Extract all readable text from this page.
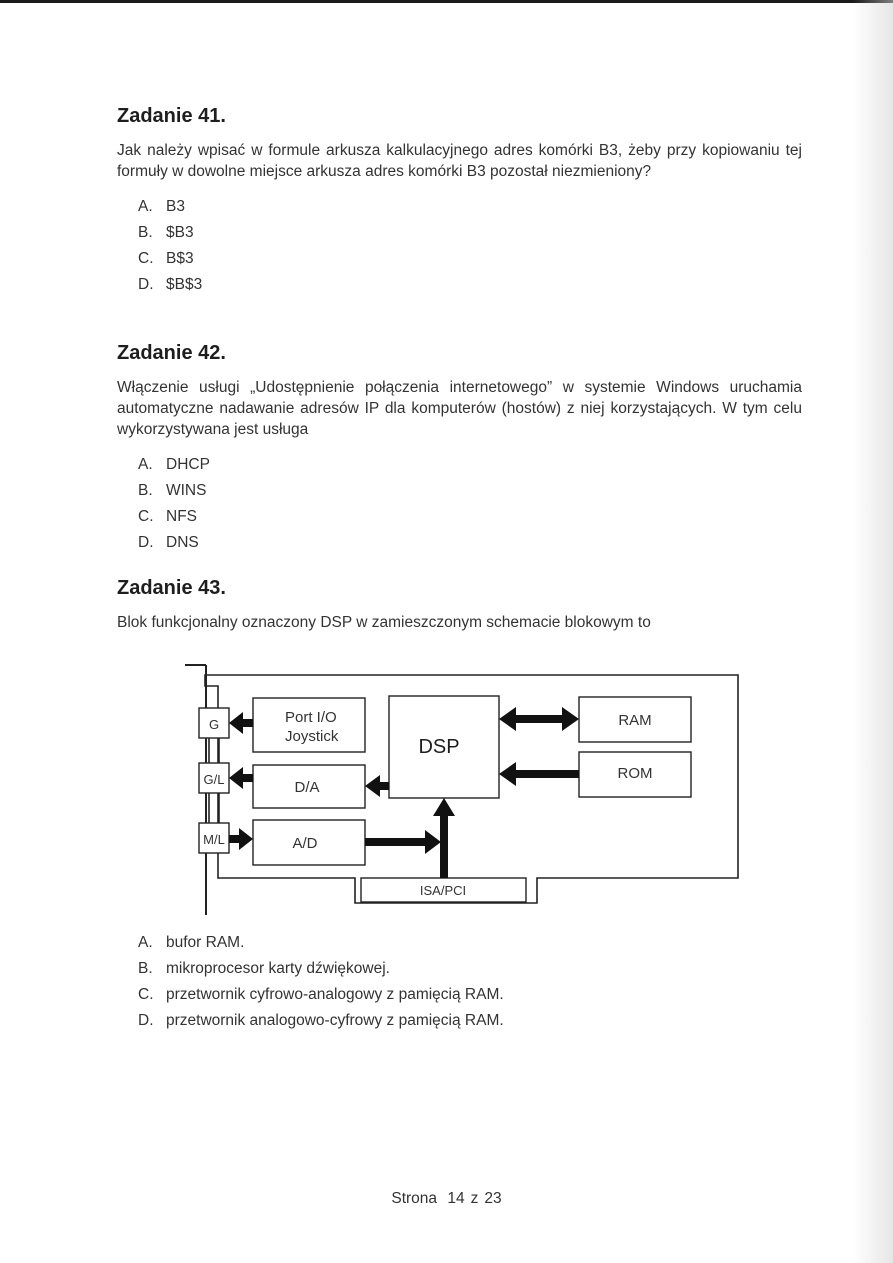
Zadanie 41.

Jak należy wpisać w formule arkusza kalkulacyjnego adres komórki B3, żeby przy kopiowaniu tej formuły w dowolne miejsce arkusza adres komórki B3 pozostał niezmieniony?

A. B3
B. $B3
C. B$3
D. $B$3
Zadanie 42.

Włączenie usługi „Udostępnienie połączenia internetowego” w systemie Windows uruchamia automatyczne nadawanie adresów IP dla komputerów (hostów) z niej korzystających. W tym celu wykorzystywana jest usługa

A. DHCP
B. WINS
C. NFS
D. DNS
Zadanie 43.

Blok funkcjonalny oznaczony DSP w zamieszczonym schemacie blokowym to

A. bufor RAM.
B. mikroprocesor karty dźwiękowej.
C. przetwornik cyfrowo-analogowy z pamięcią RAM.
D. przetwornik analogowo-cyfrowy z pamięcią RAM.
G
G/L
M/L
Port I/O
Joystick
D/A
A/D
DSP
RAM
ROM
ISA/PCI
Strona 14 z 23
